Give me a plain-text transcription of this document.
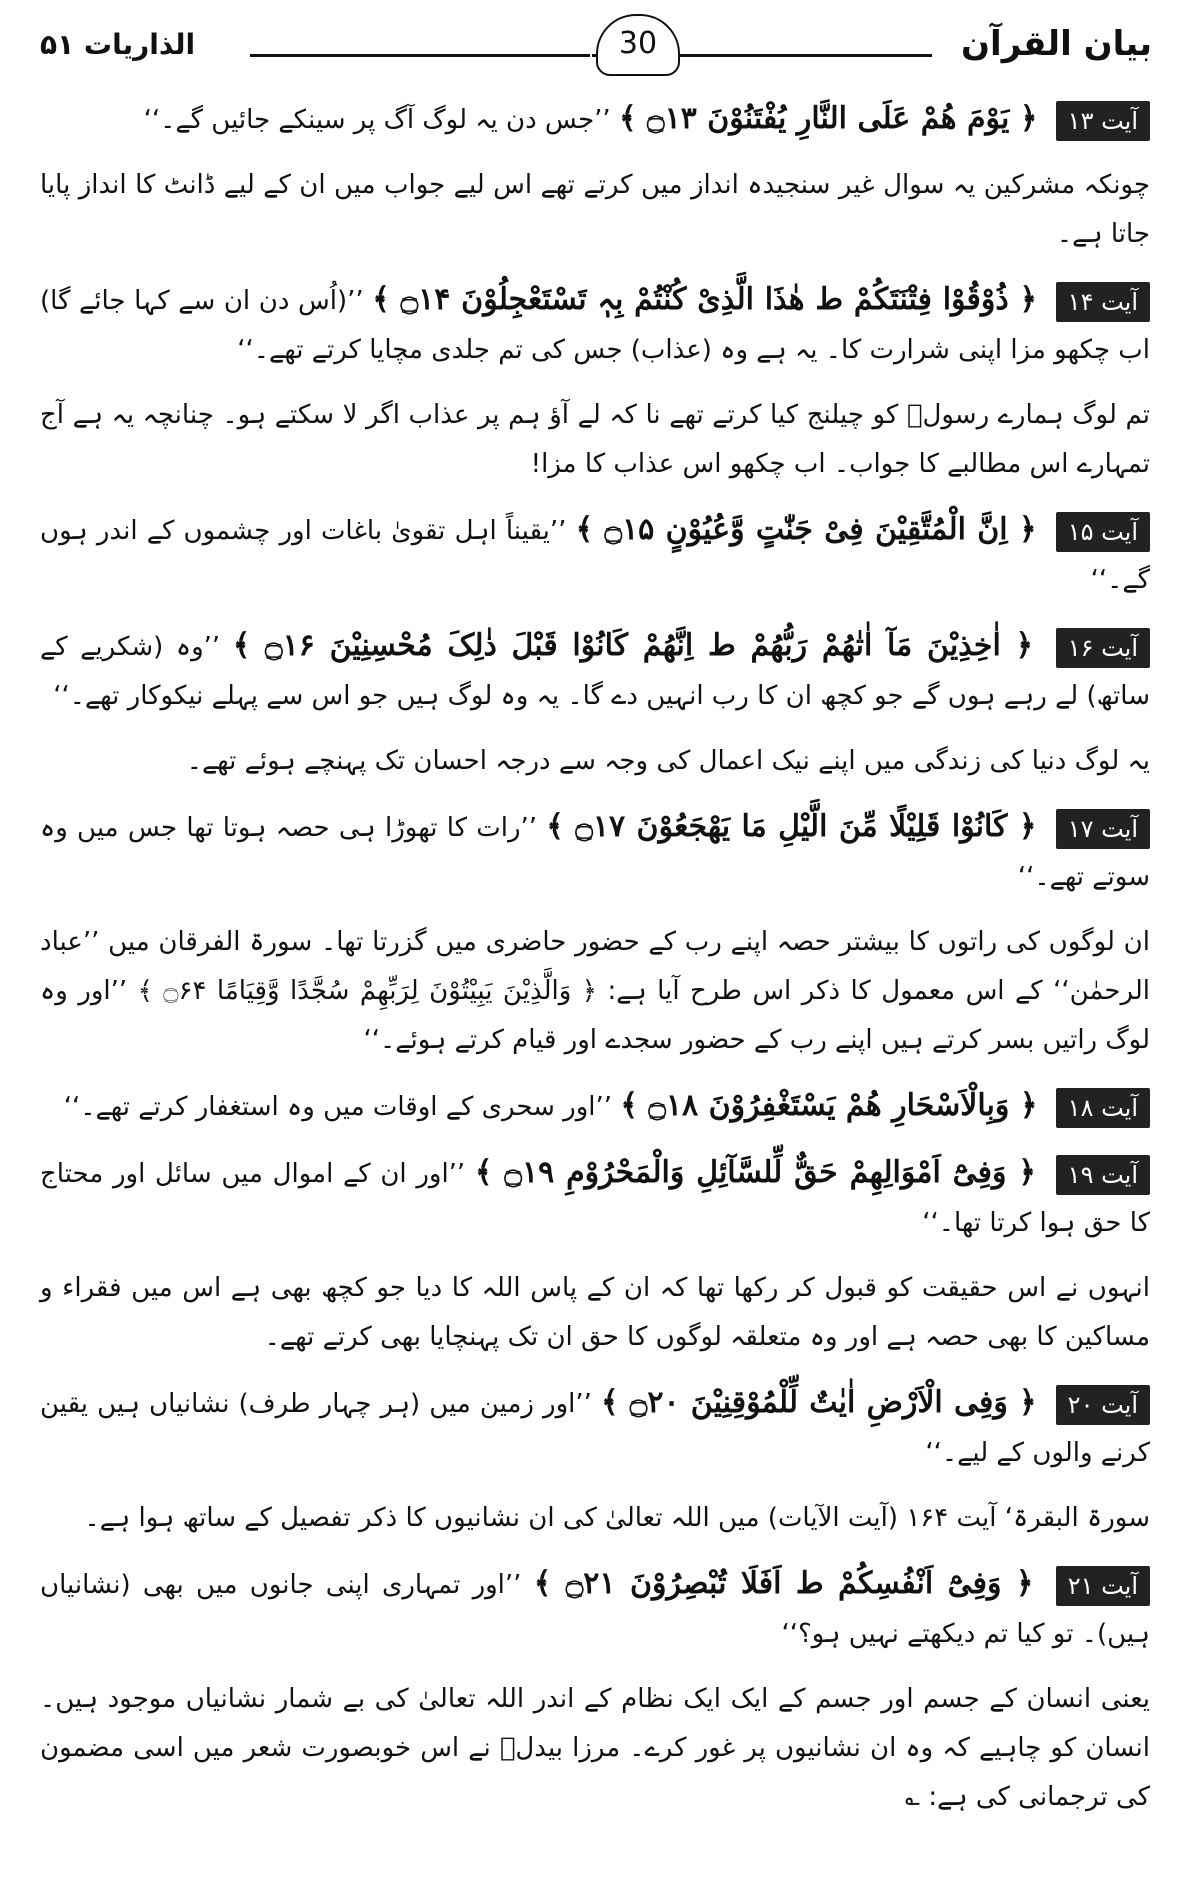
بیان القرآن
30
الذاریات ۵۱
آیت ۱۳ ﴿ یَوْمَ ھُمْ عَلَی النَّارِ یُفْتَنُوْنَ ۝۱۳ ﴾ ’’جس دن یہ لوگ آگ پر سینکے جائیں گے۔‘‘

چونکہ مشرکین یہ سوال غیر سنجیدہ انداز میں کرتے تھے اس لیے جواب میں ان کے لیے ڈانٹ کا انداز پایا جاتا ہے۔

آیت ۱۴ ﴿ ذُوْقُوْا فِتْنَتَکُمْ ط ھٰذَا الَّذِیْ کُنْتُمْ بِہٖ تَسْتَعْجِلُوْنَ ۝۱۴ ﴾ ’’(اُس دن ان سے کہا جائے گا) اب چکھو مزا اپنی شرارت کا۔ یہ ہے وہ (عذاب) جس کی تم جلدی مچایا کرتے تھے۔‘‘

تم لوگ ہمارے رسولؐ کو چیلنج کیا کرتے تھے نا کہ لے آؤ ہم پر عذاب اگر لا سکتے ہو۔ چنانچہ یہ ہے آج تمہارے اس مطالبے کا جواب۔ اب چکھو اس عذاب کا مزا!

آیت ۱۵ ﴿ اِنَّ الْمُتَّقِیْنَ فِیْ جَنّٰتٍ وَّعُیُوْنٍ ۝۱۵ ﴾ ’’یقیناً اہل تقویٰ باغات اور چشموں کے اندر ہوں گے۔‘‘
آیت ۱۶ ﴿ اٰخِذِیْنَ مَآ اٰتٰھُمْ رَبُّھُمْ ط اِنَّھُمْ کَانُوْا قَبْلَ ذٰلِکَ مُحْسِنِیْنَ ۝۱۶ ﴾ ’’وہ (شکریے کے ساتھ) لے رہے ہوں گے جو کچھ ان کا رب انہیں دے گا۔ یہ وہ لوگ ہیں جو اس سے پہلے نیکوکار تھے۔‘‘

یہ لوگ دنیا کی زندگی میں اپنے نیک اعمال کی وجہ سے درجہ احسان تک پہنچے ہوئے تھے۔

آیت ۱۷ ﴿ کَانُوْا قَلِیْلًا مِّنَ الَّیْلِ مَا یَھْجَعُوْنَ ۝۱۷ ﴾ ’’رات کا تھوڑا ہی حصہ ہوتا تھا جس میں وہ سوتے تھے۔‘‘

ان لوگوں کی راتوں کا بیشتر حصہ اپنے رب کے حضور حاضری میں گزرتا تھا۔ سورۃ الفرقان میں ’’عباد الرحمٰن‘‘ کے اس معمول کا ذکر اس طرح آیا ہے: ﴿ وَالَّذِیْنَ یَبِیْتُوْنَ لِرَبِّھِمْ سُجَّدًا وَّقِیَامًا ۝۶۴ ﴾ ’’اور وہ لوگ راتیں بسر کرتے ہیں اپنے رب کے حضور سجدے اور قیام کرتے ہوئے۔‘‘

آیت ۱۸ ﴿ وَبِالْاَسْحَارِ ھُمْ یَسْتَغْفِرُوْنَ ۝۱۸ ﴾ ’’اور سحری کے اوقات میں وہ استغفار کرتے تھے۔‘‘
آیت ۱۹ ﴿ وَفِیْٓ اَمْوَالِھِمْ حَقٌّ لِّلسَّآئِلِ وَالْمَحْرُوْمِ ۝۱۹ ﴾ ’’اور ان کے اموال میں سائل اور محتاج کا حق ہوا کرتا تھا۔‘‘

انہوں نے اس حقیقت کو قبول کر رکھا تھا کہ ان کے پاس اللہ کا دیا جو کچھ بھی ہے اس میں فقراء و مساکین کا بھی حصہ ہے اور وہ متعلقہ لوگوں کا حق ان تک پہنچایا بھی کرتے تھے۔

آیت ۲۰ ﴿ وَفِی الْاَرْضِ اٰیٰتٌ لِّلْمُوْقِنِیْنَ ۝۲۰ ﴾ ’’اور زمین میں (ہر چہار طرف) نشانیاں ہیں یقین کرنے والوں کے لیے۔‘‘

سورۃ البقرۃ‘ آیت ۱۶۴ (آیت الآیات) میں اللہ تعالیٰ کی ان نشانیوں کا ذکر تفصیل کے ساتھ ہوا ہے۔

آیت ۲۱ ﴿ وَفِیْٓ اَنْفُسِکُمْ ط اَفَلَا تُبْصِرُوْنَ ۝۲۱ ﴾ ’’اور تمہاری اپنی جانوں میں بھی (نشانیاں ہیں)۔ تو کیا تم دیکھتے نہیں ہو؟‘‘

یعنی انسان کے جسم اور جسم کے ایک ایک نظام کے اندر اللہ تعالیٰ کی بے شمار نشانیاں موجود ہیں۔ انسان کو چاہیے کہ وہ ان نشانیوں پر غور کرے۔ مرزا بیدلؔ نے اس خوبصورت شعر میں اسی مضمون کی ترجمانی کی ہے: ؎
